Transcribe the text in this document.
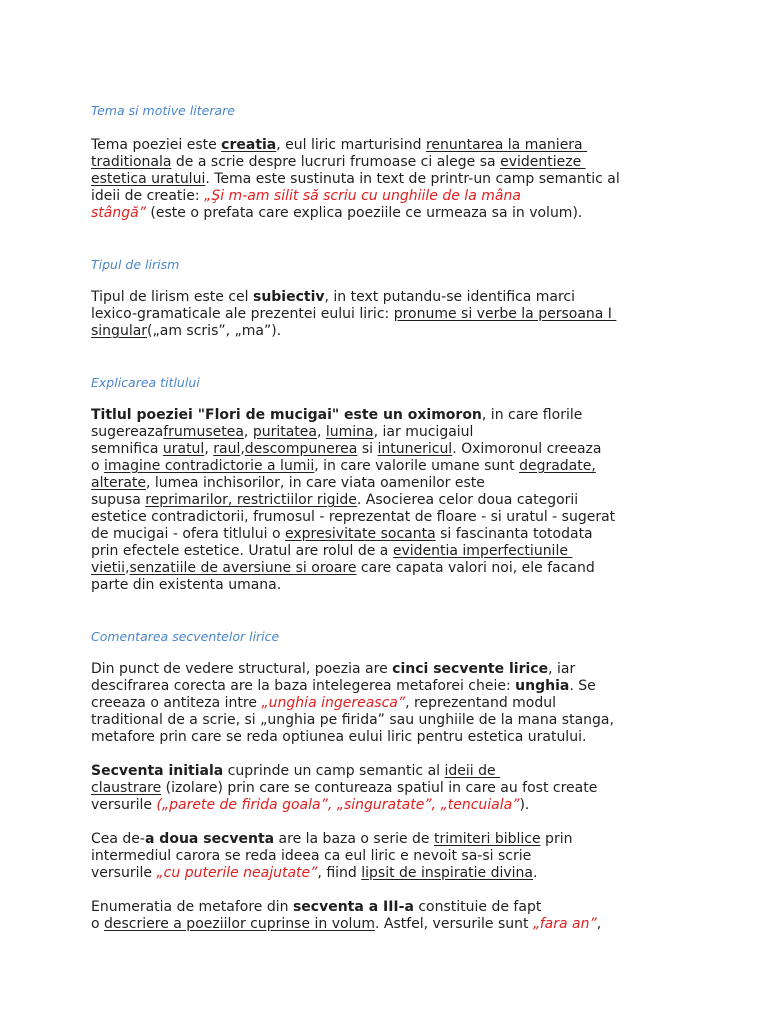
Tema si motive literare
Tema poeziei este creatia, eul liric marturisind renuntarea la maniera
traditionala de a scrie despre lucruri frumoase ci alege sa evidentieze
estetica uratului. Tema este sustinuta in text de printr-un camp semantic al
ideii de creatie: „Şi m-am silit să scriu cu unghiile de la mâna
stângă” (este o prefata care explica poeziile ce urmeaza sa in volum).
Tipul de lirism
Tipul de lirism este cel subiectiv, in text putandu-se identifica marci
lexico-gramaticale ale prezentei eului liric: pronume si verbe la persoana I
singular(„am scris”, „ma”).
Explicarea titlului
Titlul poeziei "Flori de mucigai" este un oximoron, in care florile
sugereazafrumusetea, puritatea, lumina, iar mucigaiul
semnifica uratul, raul,descompunerea si intunericul. Oximoronul creeaza
o imagine contradictorie a lumii, in care valorile umane sunt degradate,
alterate, lumea inchisorilor, in care viata oamenilor este
supusa reprimarilor, restrictiilor rigide. Asocierea celor doua categorii
estetice contradictorii, frumosul - reprezentat de floare - si uratul - sugerat
de mucigai - ofera titlului o expresivitate socanta si fascinanta totodata
prin efectele estetice. Uratul are rolul de a evidentia imperfectiunile
vietii,senzatiile de aversiune si oroare care capata valori noi, ele facand
parte din existenta umana.
Comentarea secventelor lirice
Din punct de vedere structural, poezia are cinci secvente lirice, iar
descifrarea corecta are la baza intelegerea metaforei cheie: unghia. Se
creeaza o antiteza intre „unghia ingereasca”, reprezentand modul
traditional de a scrie, si „unghia pe firida” sau unghiile de la mana stanga,
metafore prin care se reda optiunea eului liric pentru estetica uratului.
Secventa initiala cuprinde un camp semantic al ideii de
claustrare (izolare) prin care se contureaza spatiul in care au fost create
versurile („parete de firida goala”, „singuratate”, „tencuiala”).
Cea de-a doua secventa are la baza o serie de trimiteri biblice prin
intermediul carora se reda ideea ca eul liric e nevoit sa-si scrie
versurile „cu puterile neajutate”, fiind lipsit de inspiratie divina.
Enumeratia de metafore din secventa a III-a constituie de fapt
o descriere a poeziilor cuprinse in volum. Astfel, versurile sunt „fara an”,
